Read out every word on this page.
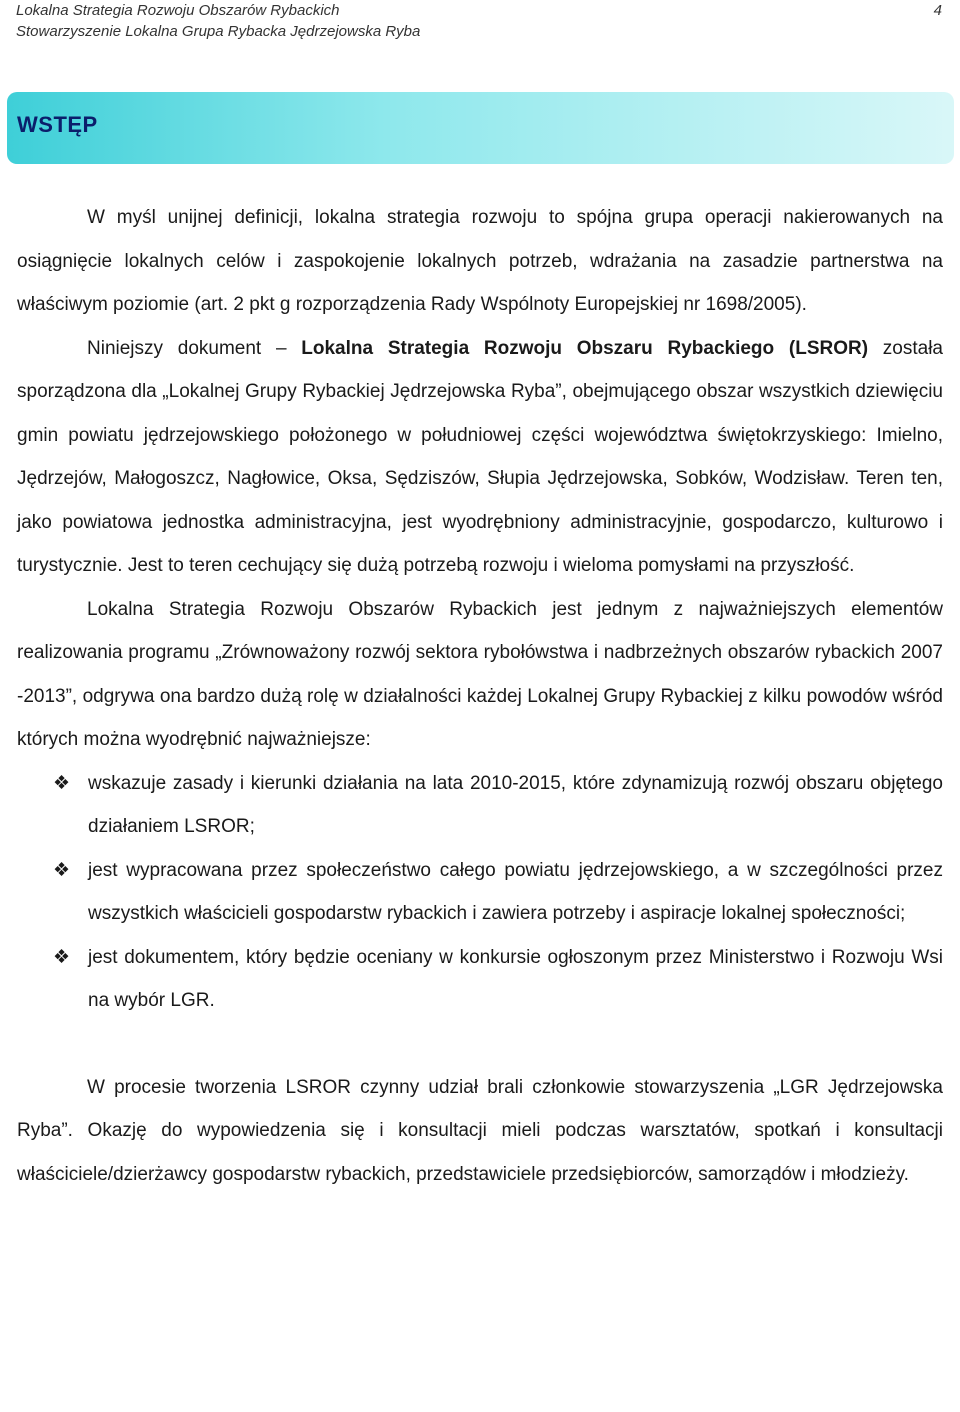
Lokalna Strategia Rozwoju Obszarów Rybackich
Stowarzyszenie Lokalna Grupa Rybacka Jędrzejowska Ryba
4
WSTĘP

W myśl unijnej definicji, lokalna strategia rozwoju to spójna grupa operacji nakierowanych na osiągnięcie lokalnych celów i zaspokojenie lokalnych potrzeb, wdrażania na zasadzie partnerstwa na właściwym poziomie (art. 2 pkt g rozporządzenia Rady Wspólnoty Europejskiej nr 1698/2005).

Niniejszy dokument – Lokalna Strategia Rozwoju Obszaru Rybackiego (LSROR) została sporządzona dla „Lokalnej Grupy Rybackiej Jędrzejowska Ryba”, obejmującego obszar wszystkich dziewięciu gmin powiatu jędrzejowskiego położonego w południowej części województwa świętokrzyskiego: Imielno, Jędrzejów, Małogoszcz, Nagłowice, Oksa, Sędziszów, Słupia Jędrzejowska, Sobków, Wodzisław. Teren ten, jako powiatowa jednostka administracyjna, jest wyodrębniony administracyjnie, gospodarczo, kulturowo i turystycznie. Jest to teren cechujący się dużą potrzebą rozwoju i wieloma pomysłami na przyszłość.

Lokalna Strategia Rozwoju Obszarów Rybackich jest jednym z najważniejszych elementów realizowania programu „Zrównoważony rozwój sektora rybołówstwa i nadbrzeżnych obszarów rybackich 2007 -2013”, odgrywa ona bardzo dużą rolę w działalności każdej Lokalnej Grupy Rybackiej z kilku powodów wśród których można wyodrębnić najważniejsze:

❖ wskazuje zasady i kierunki działania na lata 2010-2015, które zdynamizują rozwój obszaru objętego działaniem LSROR;
❖ jest wypracowana przez społeczeństwo całego powiatu jędrzejowskiego, a w szczególności przez wszystkich właścicieli gospodarstw rybackich i zawiera potrzeby i aspiracje lokalnej społeczności;
❖ jest dokumentem, który będzie oceniany w konkursie ogłoszonym przez Ministerstwo i Rozwoju Wsi na wybór LGR.

W procesie tworzenia LSROR czynny udział brali członkowie stowarzyszenia „LGR Jędrzejowska Ryba”. Okazję do wypowiedzenia się i konsultacji mieli podczas warsztatów, spotkań i konsultacji właściciele/dzierżawcy gospodarstw rybackich, przedstawiciele przedsiębiorców, samorządów i młodzieży.
